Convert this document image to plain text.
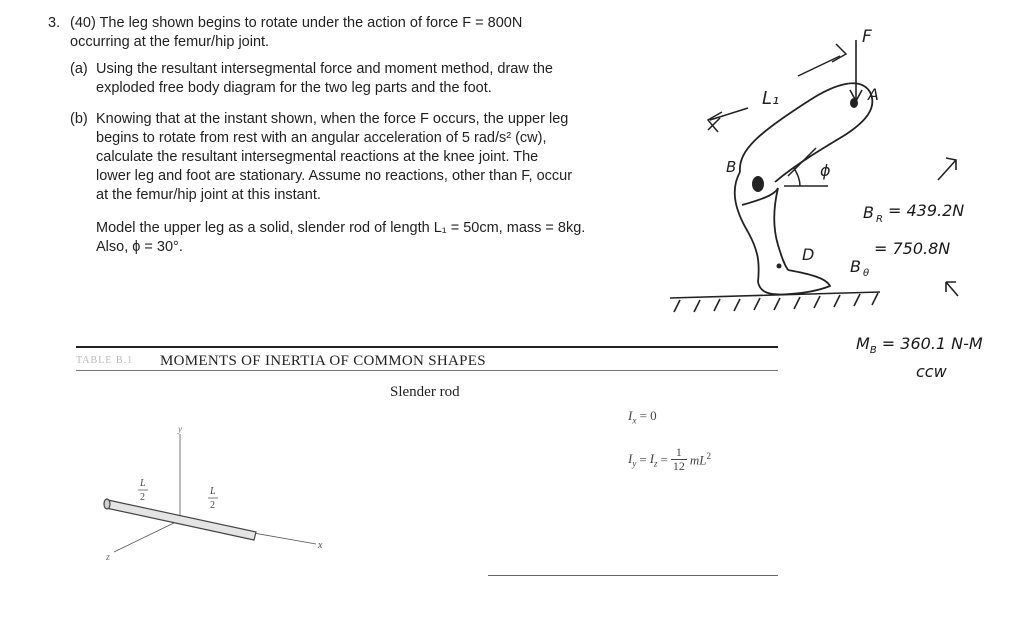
3. (40) The leg shown begins to rotate under the action of force F = 800N
occurring at the femur/hip joint.
(a) Using the resultant intersegmental force and moment method, draw the
exploded free body diagram for the two leg parts and the foot.
(b) Knowing that at the instant shown, when the force F occurs, the upper leg
begins to rotate from rest with an angular acceleration of 5 rad/s² (cw),
calculate the resultant intersegmental reactions at the knee joint. The
lower leg and foot are stationary. Assume no reactions, other than F, occur
at the femur/hip joint at this instant.
Model the upper leg as a solid, slender rod of length L₁ = 50cm, mass = 8kg.
Also, ϕ = 30°.
F
A
L₁
B	ϕ
D
B R = 439.2N
B θ
= 750.8N
$M_B = 360.1$ N-M
ccw
TABLE B.1 MOMENTS OF INERTIA OF COMMON SHAPES
Slender rod
y
x
z
L
2
L
2
$I_x = 0$
$I_y = I_z = \frac{1}{12} mL^2$
